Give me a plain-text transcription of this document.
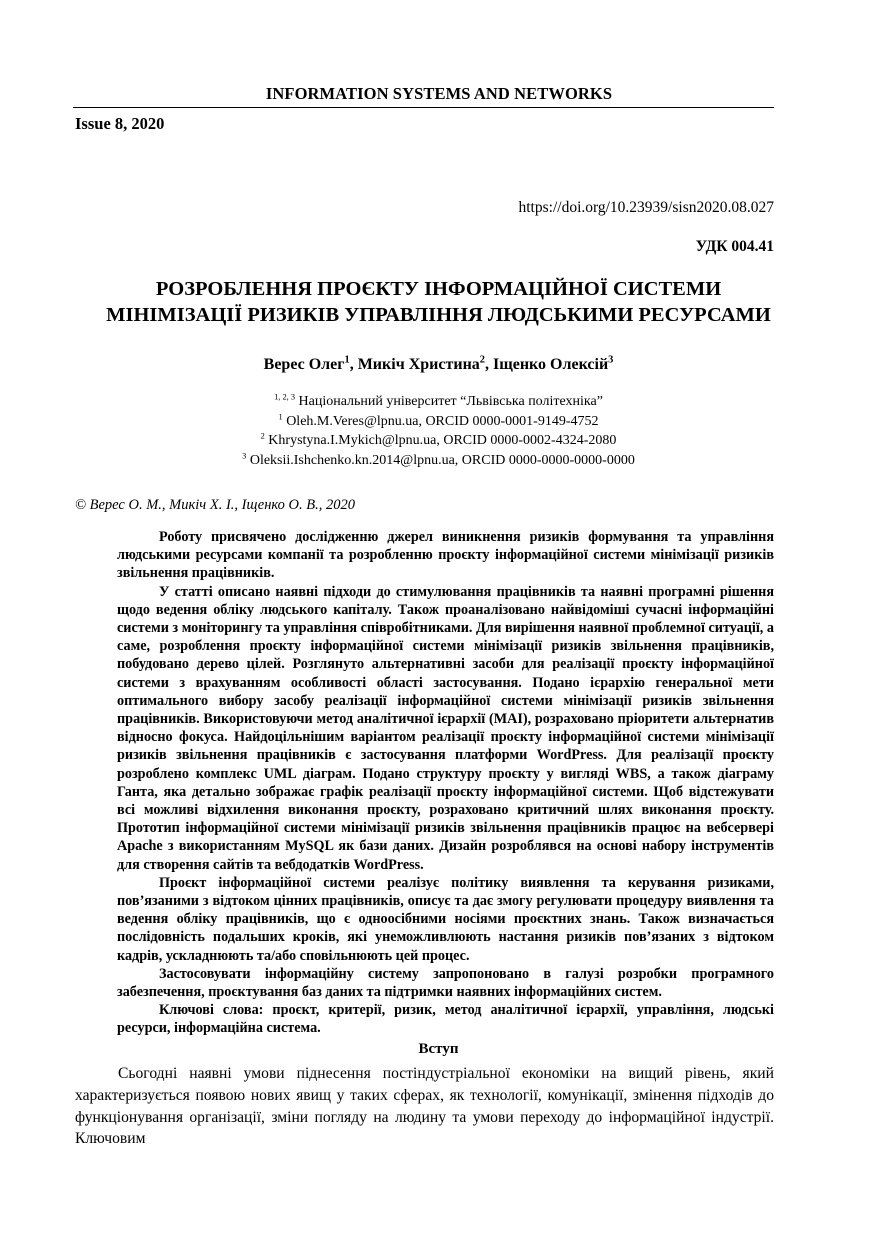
INFORMATION SYSTEMS AND NETWORKS
Issue 8, 2020
https://doi.org/10.23939/sisn2020.08.027
УДК 004.41
РОЗРОБЛЕННЯ ПРОЄКТУ ІНФОРМАЦІЙНОЇ СИСТЕМИ
МІНІМІЗАЦІЇ РИЗИКІВ УПРАВЛІННЯ ЛЮДСЬКИМИ РЕСУРСАМИ
Верес Олег$^1$, Микіч Христина$^2$, Іщенко Олексій$^3$
$^{1, 2, 3}$ Національний університет “Львівська політехніка”
$^1$ Oleh.M.Veres@lpnu.ua, ORCID 0000-0001-9149-4752
$^2$ Khrystyna.I.Mykich@lpnu.ua, ORCID 0000-0002-4324-2080
$^3$ Oleksii.Ishchenko.kn.2014@lpnu.ua, ORCID 0000-0000-0000-0000
© Верес О. М., Микіч Х. І., Іщенко О. В., 2020

Роботу присвячено дослідженню джерел виникнення ризиків формування та управління людськими ресурсами компанії та розробленню проєкту інформаційної системи мінімізації ризиків звільнення працівників.

У статті описано наявні підходи до стимулювання працівників та наявні програмні рішення щодо ведення обліку людського капіталу. Також проаналізовано найвідоміші сучасні інформаційні системи з моніторингу та управління співробітниками. Для вирішення наявної проблемної ситуації, а саме, розроблення проєкту інформаційної системи мінімізації ризиків звільнення працівників, побудовано дерево цілей. Розглянуто альтернативні засоби для реалізації проєкту інформаційної системи з врахуванням особливості області застосування. Подано ієрархію генеральної мети оптимального вибору засобу реалізації інформаційної системи мінімізації ризиків звільнення працівників. Використовуючи метод аналітичної ієрархії (МАІ), розраховано пріоритети альтернатив відносно фокуса. Найдоцільнішим варіантом реалізації проєкту інформаційної системи мінімізації ризиків звільнення працівників є застосування платформи WordPress. Для реалізації проєкту розроблено комплекс UML діаграм. Подано структуру проєкту у вигляді WBS, а також діаграму Ганта, яка детально зображає графік реалізації проєкту інформаційної системи. Щоб відстежувати всі можливі відхилення виконання проєкту, розраховано критичний шлях виконання проєкту. Прототип інформаційної системи мінімізації ризиків звільнення працівників працює на вебсервері Apache з використанням MySQL як бази даних. Дизайн розроблявся на основі набору інструментів для створення сайтів та вебдодатків WordPress.

Проєкт інформаційної системи реалізує політику виявлення та керування ризиками, пов’язаними з відтоком цінних працівників, описує та дає змогу регулювати процедуру виявлення та ведення обліку працівників, що є одноосібними носіями проєктних знань. Також визначається послідовність подальших кроків, які унеможливлюють настання ризиків пов’язаних з відтоком кадрів, ускладнюють та/або сповільнюють цей процес.

Застосовувати інформаційну систему запропоновано в галузі розробки програмного забезпечення, проєктування баз даних та підтримки наявних інформаційних систем.

Ключові слова: проєкт, критерії, ризик, метод аналітичної ієрархії, управління, людські ресурси, інформаційна система.

Вступ

Сьогодні наявні умови піднесення постіндустріальної економіки на вищий рівень, який характеризується появою нових явищ у таких сферах, як технології, комунікації, змінення підходів до функціонування організації, зміни погляду на людину та умови переходу до інформаційної індустрії. Ключовим
